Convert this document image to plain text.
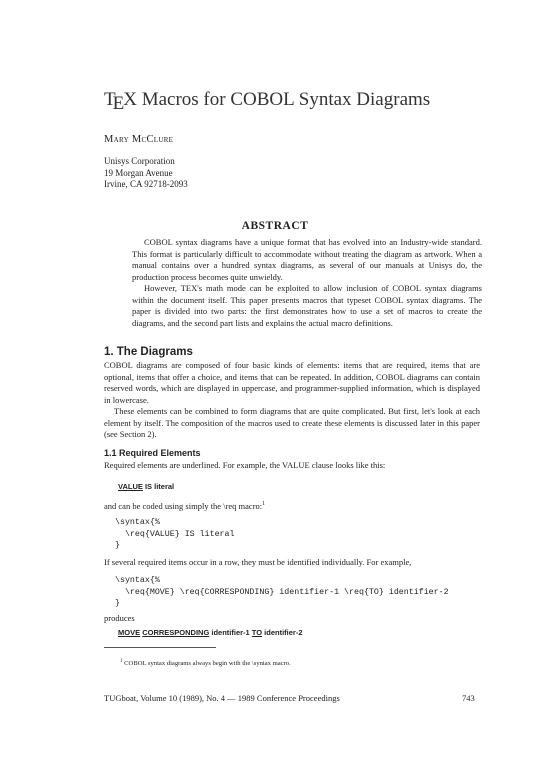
TEX Macros for COBOL Syntax Diagrams
Mary McClure
Unisys Corporation
19 Morgan Avenue
Irvine, CA 92718-2093
ABSTRACT

COBOL syntax diagrams have a unique format that has evolved into an Industry-wide standard. This format is particularly difficult to accommodate without treating the diagram as artwork. When a manual contains over a hundred syntax diagrams, as several of our manuals at Unisys do, the production process becomes quite unwieldy.

However, TEX's math mode can be exploited to allow inclusion of COBOL syntax diagrams within the document itself. This paper presents macros that typeset COBOL syntax diagrams. The paper is divided into two parts: the first demonstrates how to use a set of macros to create the diagrams, and the second part lists and explains the actual macro definitions.

1. The Diagrams

COBOL diagrams are composed of four basic kinds of elements: items that are required, items that are optional, items that offer a choice, and items that can be repeated. In addition, COBOL diagrams can contain reserved words, which are displayed in uppercase, and programmer-supplied information, which is displayed in lowercase.

These elements can be combined to form diagrams that are quite complicated. But first, let's look at each element by itself. The composition of the macros used to create these elements is discussed later in this paper (see Section 2).

1.1 Required Elements
Required elements are underlined. For example, the VALUE clause looks like this:
VALUE IS literal
and can be coded using simply the \req macro:$^1$
\syntax{%
\req{VALUE} IS literal
}
If several required items occur in a row, they must be identified individually. For example,
\syntax{%
\req{MOVE} \req{CORRESPONDING} identifier-1 \req{TO} identifier-2
}
produces
MOVE CORRESPONDING identifier-1 TO identifier-2
$^1$ COBOL syntax diagrams always begin with the \syntax macro.
TUGboat, Volume 10 (1989), No. 4 — 1989 Conference Proceedings	743
